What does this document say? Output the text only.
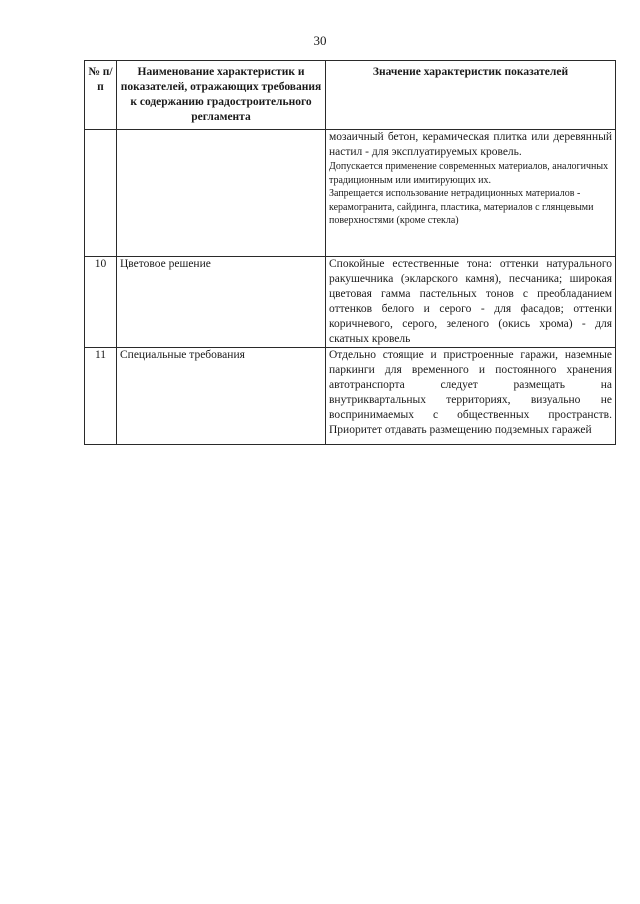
30
№ п/п	Наименование характеристик и показателей, отражающих требования к содержанию градостроительного регламента	Значение характеристик показателей

		мозаичный бетон, керамическая плитка или деревянный настил - для эксплуатируемых кровель.

Допускается применение современных материалов, аналогичных традиционным или имитирующих их.

Запрещается использование нетрадиционных материалов - керамогранита, сайдинга, пластика, материалов с глянцевыми поверхностями (кроме стекла)

10	Цветовое решение	Спокойные естественные тона: оттенки натурального ракушечника (экларского камня), песчаника; широкая цветовая гамма пастельных тонов с преобладанием оттенков белого и серого - для фасадов; оттенки коричневого, серого, зеленого (окись хрома) - для скатных кровель
11	Специальные требования	Отдельно стоящие и пристроенные гаражи, наземные паркинги для временного и постоянного хранения автотранспорта следует размещать на внутриквартальных территориях, визуально не воспринимаемых с общественных пространств. Приоритет отдавать размещению подземных гаражей
